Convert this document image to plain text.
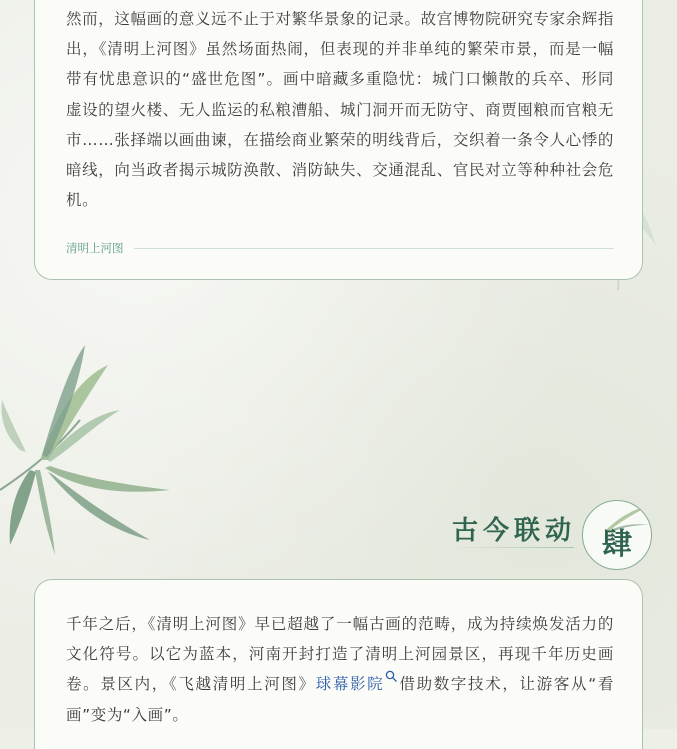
然而，这幅画的意义远不止于对繁华景象的记录。故宫博物院研究专家余辉指出，《清明上河图》虽然场面热闹，但表现的并非单纯的繁荣市景，而是一幅带有忧患意识的“盛世危图”。画中暗藏多重隐忧：城门口懒散的兵卒、形同虚设的望火楼、无人监运的私粮漕船、城门洞开而无防守、商贾囤粮而官粮无市……张择端以画曲谏，在描绘商业繁荣的明线背后，交织着一条令人心悸的暗线，向当政者揭示城防涣散、消防缺失、交通混乱、官民对立等种种社会危机。

清明上河图
古今联动 肆

千年之后，《清明上河图》早已超越了一幅古画的范畴，成为持续焕发活力的文化符号。以它为蓝本，河南开封打造了清明上河园景区，再现千年历史画卷。景区内，《飞越清明上河图》球幕影院 借助数字技术，让游客从“看画”变为“入画”。
